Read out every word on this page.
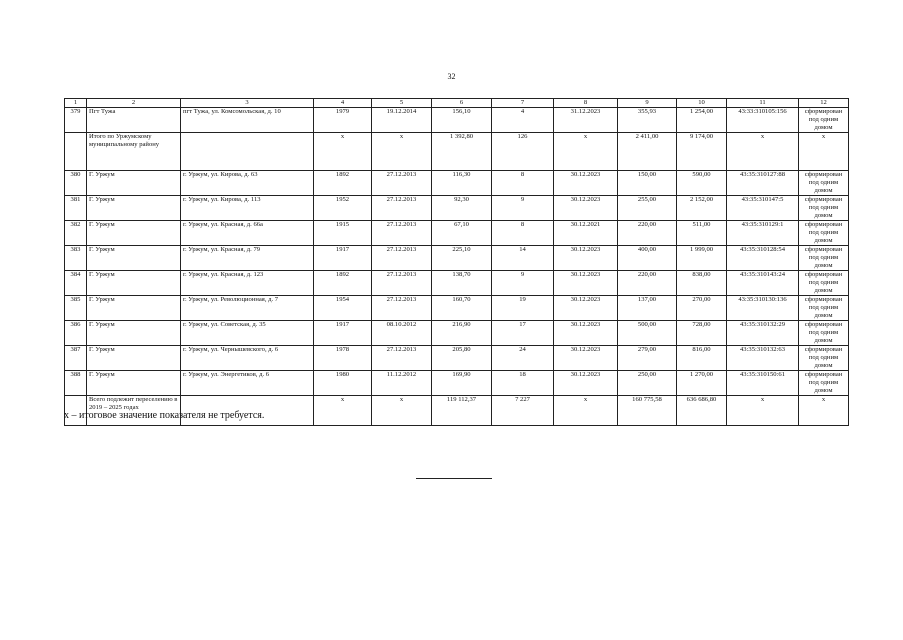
32
1	2	3	4	5	6	7	8	9	10	11	12
379	Пгт Тужа	пгт Тужа, ул. Комсомольская, д. 10	1979	19.12.2014	156,10	4	31.12.2023	355,93	1 254,00	43:33:310105:156	сформирован под одним домом
	Итого по Уржумскому муниципальному району		х	х	1 392,80	126	х	2 411,00	9 174,00	х	х
380	Г. Уржум	г. Уржум, ул. Кирова, д. 63	1892	27.12.2013	116,30	8	30.12.2023	150,00	590,00	43:35:310127:88	сформирован под одним домом
381	Г. Уржум	г. Уржум, ул. Кирова, д. 113	1952	27.12.2013	92,30	9	30.12.2023	255,00	2 152,00	43:35:310147:5	сформирован под одним домом
382	Г. Уржум	г. Уржум, ул. Красная, д. 66а	1915	27.12.2013	67,10	8	30.12.2021	220,00	511,00	43:35:310129:1	сформирован под одним домом
383	Г. Уржум	г. Уржум, ул. Красная, д. 79	1917	27.12.2013	225,10	14	30.12.2023	400,00	1 999,00	43:35:310128:54	сформирован под одним домом
384	Г. Уржум	г. Уржум, ул. Красная, д. 123	1892	27.12.2013	138,70	9	30.12.2023	220,00	838,00	43:35:310143:24	сформирован под одним домом
385	Г. Уржум	г. Уржум, ул. Революционная, д. 7	1954	27.12.2013	160,70	19	30.12.2023	137,00	270,00	43:35:310130:136	сформирован под одним домом
386	Г. Уржум	г. Уржум, ул. Советская, д. 35	1917	08.10.2012	216,90	17	30.12.2023	500,00	728,00	43:35:310132:29	сформирован под одним домом
387	Г. Уржум	г. Уржум, ул. Чернышевского, д. 6	1978	27.12.2013	205,80	24	30.12.2023	279,00	816,00	43:35:310132:63	сформирован под одним домом
388	Г. Уржум	г. Уржум, ул. Энергетиков, д. 6	1980	11.12.2012	169,90	18	30.12.2023	250,00	1 270,00	43:35:310150:61	сформирован под одним домом
	Всего подлежит переселению в 2019 – 2025 годах		х	х	119 112,37	7 227	х	160 775,58	636 686,80	х	х
х – итоговое значение показателя не требуется.
